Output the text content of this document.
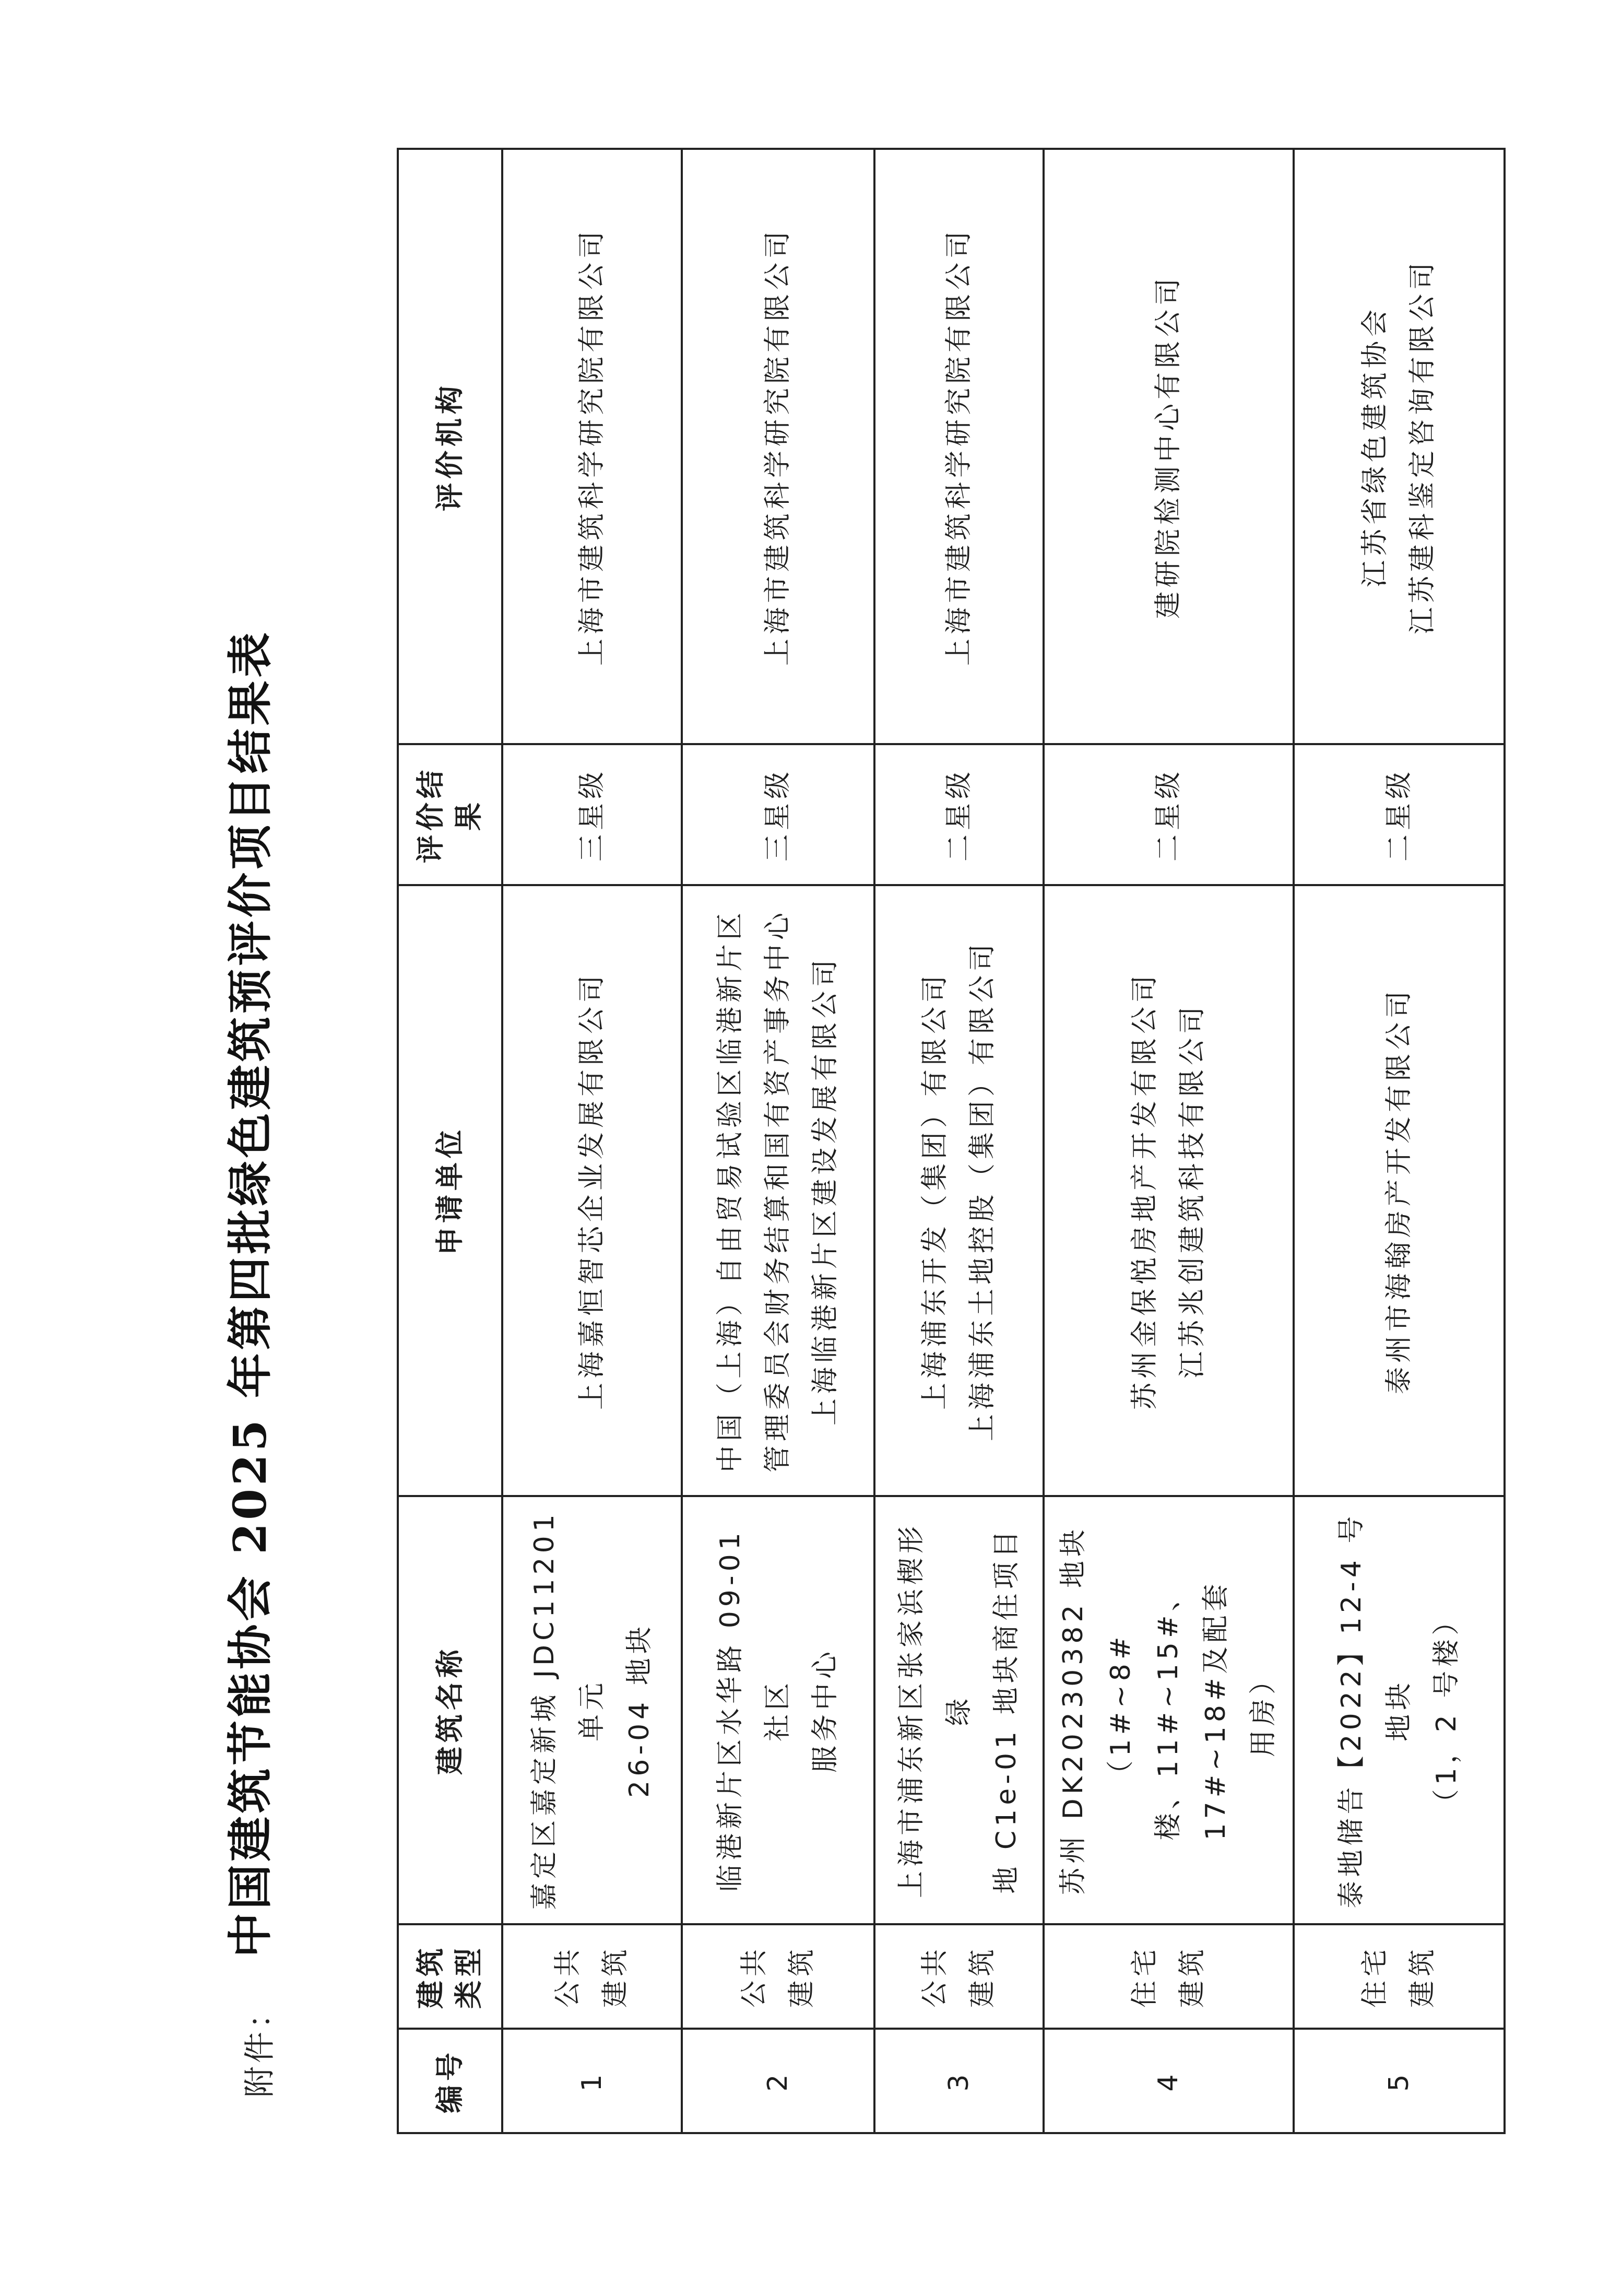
中国建筑节能协会 2025 年第四批绿色建筑预评价项目结果表
附件：	编号	建筑类型	建筑名称	申请单位	评价结果	评价机构
1	公共建筑	嘉定区嘉定新城 JDC11201 单元 26-04 地块	上海嘉恒智芯企业发展有限公司	三星级	上海市建筑科学研究院有限公司

2	公共建筑	临港新片区水华路 09-01 社区 服务中心	中国（上海）自由贸易试验区临港新片区 管理委员会财务结算和国有资产事务中心 上海临港新片区建设发展有限公司	三星级	上海市建筑科学研究院有限公司

3	公共建筑	上海市浦东新区张家浜楔形绿 地 C1e-01 地块商住项目	上海浦东开发（集团）有限公司 上海浦东土地控股（集团）有限公司	二星级	上海市建筑科学研究院有限公司

4	住宅建筑	苏州 DK20230382 地块（1#~8# 楼、11#~15#、17#~18#及配套 用房）	苏州金保悦房地产开发有限公司 江苏兆创建筑科技有限公司	二星级	建研院检测中心有限公司

5	住宅建筑	泰地储告【2022】12-4 号地块 （1，2 号楼）	泰州市海翰房产开发有限公司	二星级	江苏省绿色建筑协会 江苏建科鉴定咨询有限公司
